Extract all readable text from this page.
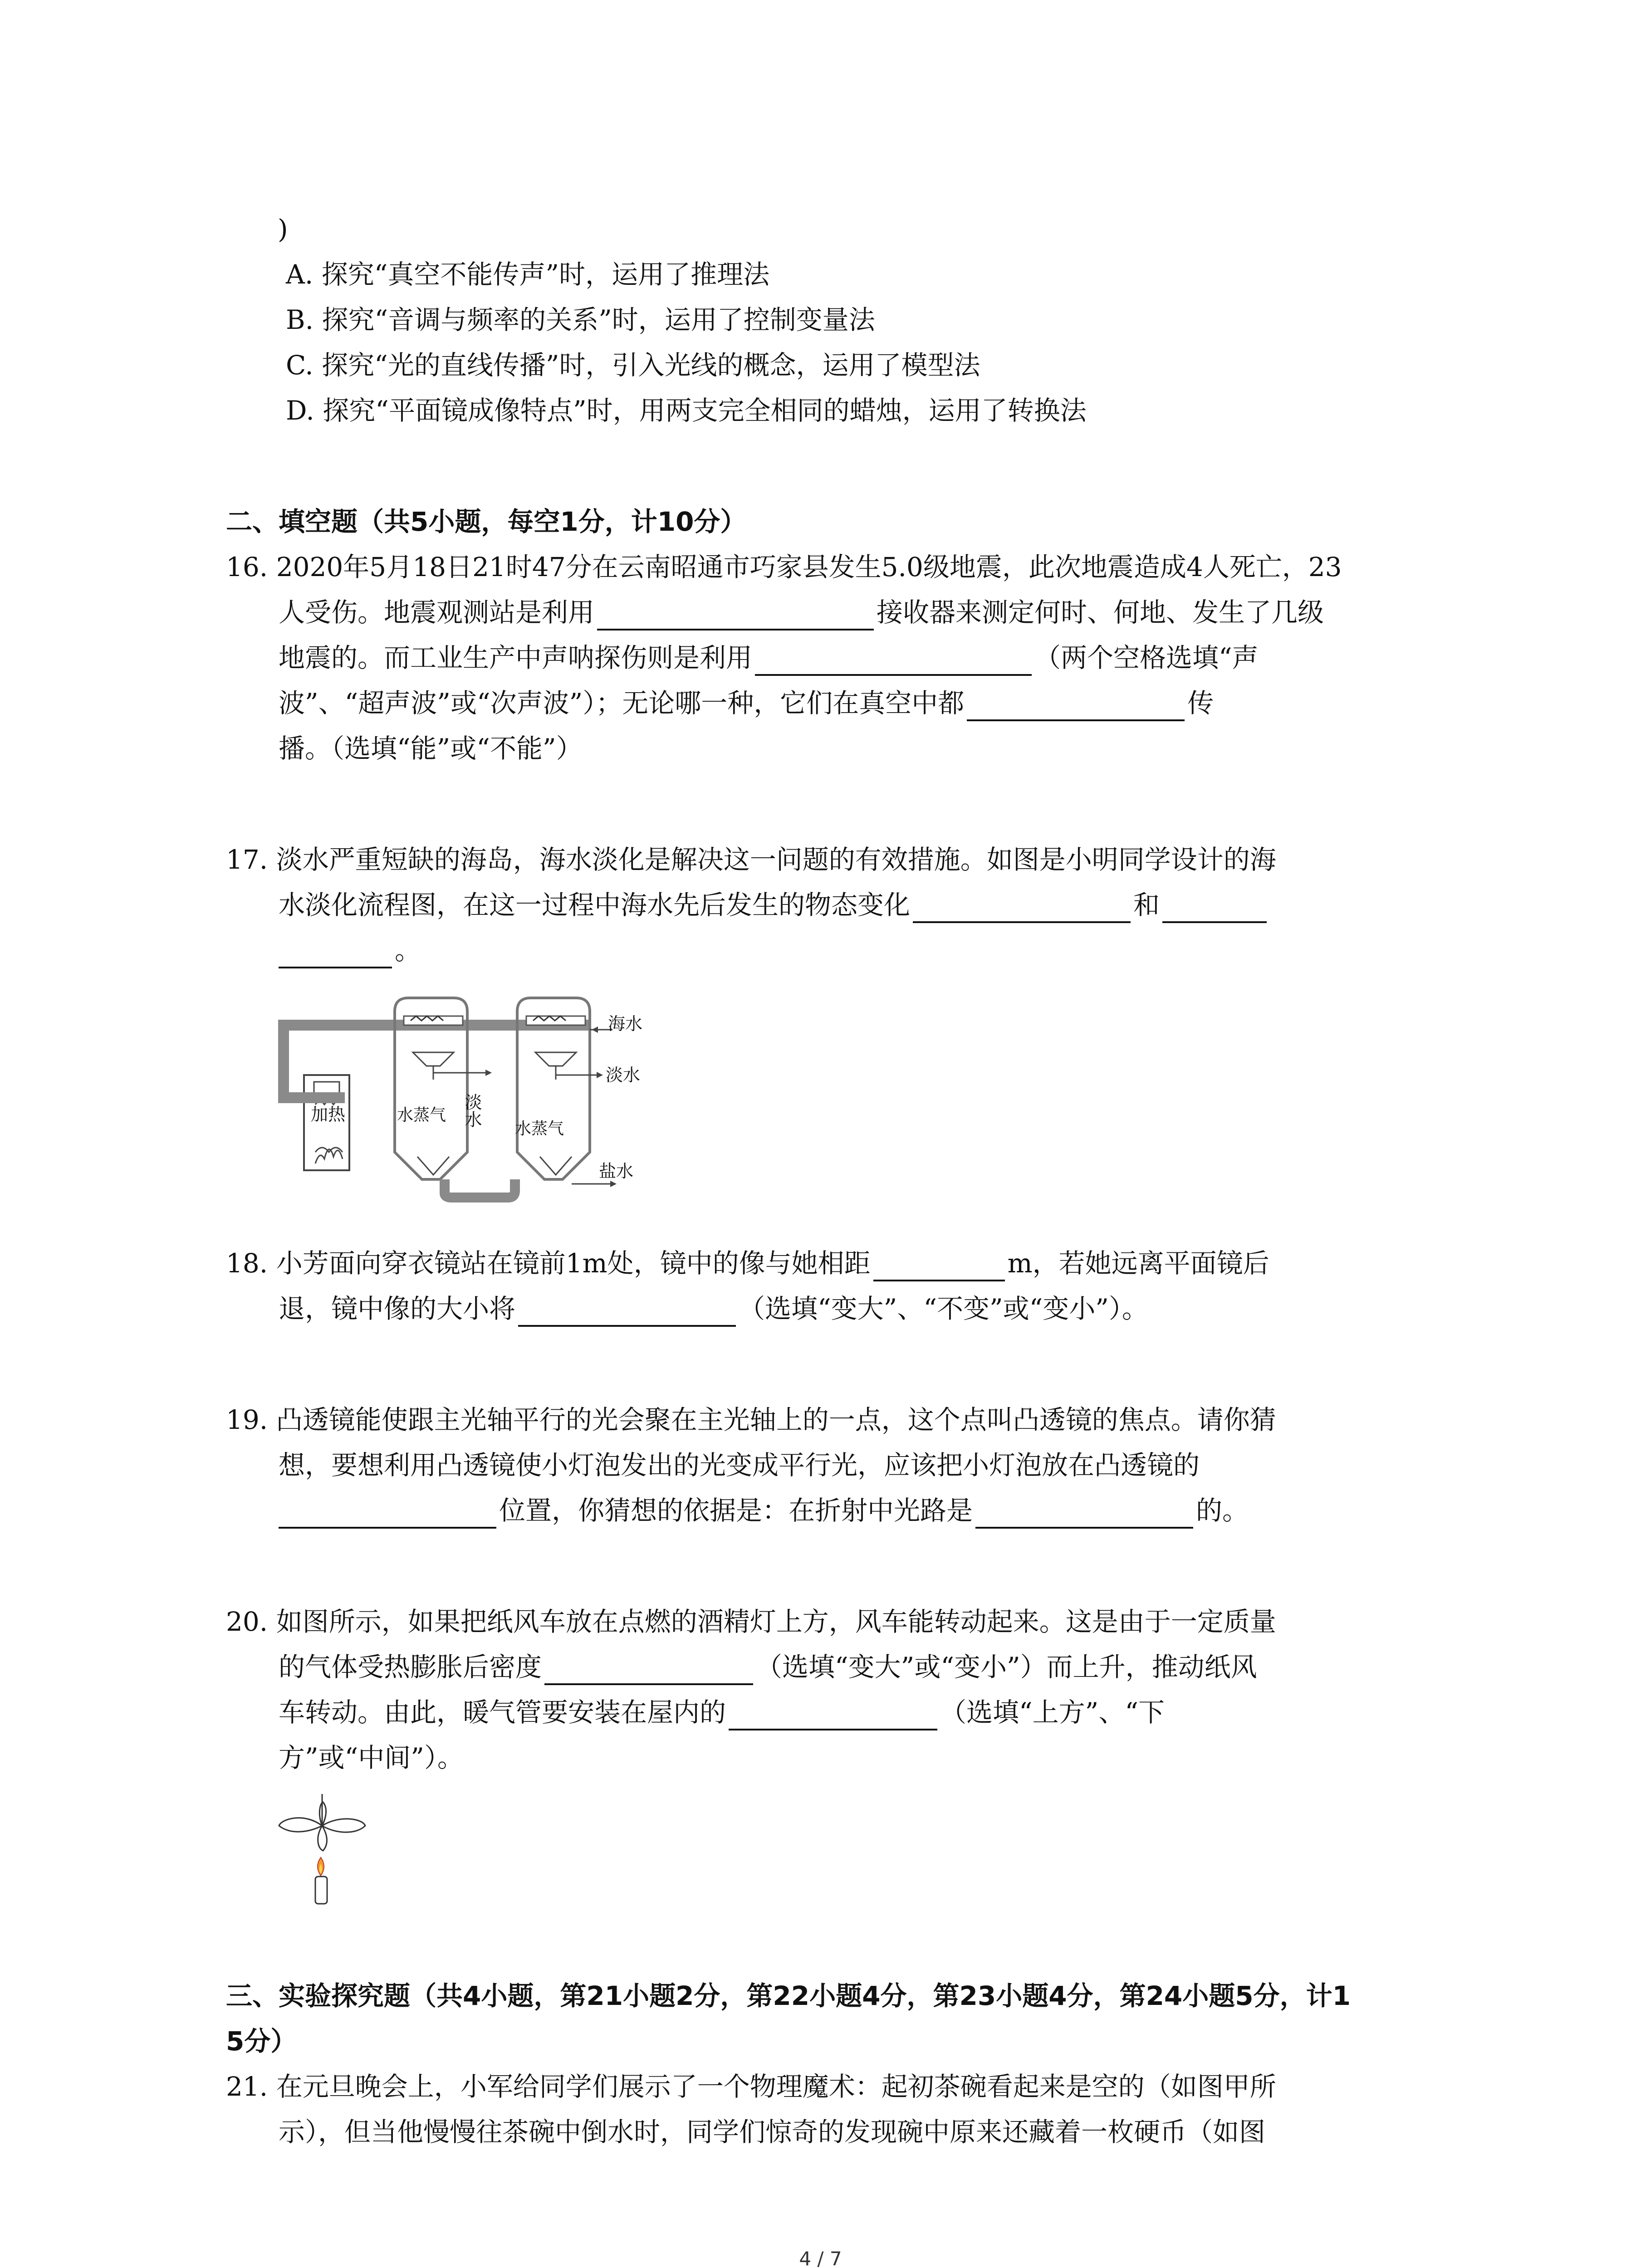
)
A. 探究“真空不能传声”时，运用了推理法
B. 探究“音调与频率的关系”时，运用了控制变量法
C. 探究“光的直线传播”时，引入光线的概念，运用了模型法
D. 探究“平面镜成像特点”时，用两支完全相同的蜡烛，运用了转换法
二、填空题（共5小题，每空1分，计10分）
16. 2020年5月18日21时47分在云南昭通市巧家县发生5.0级地震，此次地震造成4人死亡，23
人受伤。地震观测站是利用	接收器来测定何时、何地、发生了几级
地震的。而工业生产中声呐探伤则是利用	（两个空格选填“声
波”、“超声波”或“次声波”）；无论哪一种，它们在真空中都	传
播。（选填“能”或“不能”）
17. 淡水严重短缺的海岛，海水淡化是解决这一问题的有效措施。如图是小明同学设计的海
水淡化流程图，在这一过程中海水先后发生的物态变化	和
。
海水
淡水
淡水
加热	水蒸气
水蒸气
盐水
18. 小芳面向穿衣镜站在镜前1m处，镜中的像与她相距	m，若她远离平面镜后
退，镜中像的大小将	（选填“变大”、“不变”或“变小”）。
19. 凸透镜能使跟主光轴平行的光会聚在主光轴上的一点，这个点叫凸透镜的焦点。请你猜
想，要想利用凸透镜使小灯泡发出的光变成平行光，应该把小灯泡放在凸透镜的
位置，你猜想的依据是：在折射中光路是	的。
20. 如图所示，如果把纸风车放在点燃的酒精灯上方，风车能转动起来。这是由于一定质量
的气体受热膨胀后密度	（选填“变大”或“变小”）而上升，推动纸风
车转动。由此，暖气管要安装在屋内的	（选填“上方”、“下
方”或“中间”）。
三、实验探究题（共4小题，第21小题2分，第22小题4分，第23小题4分，第24小题5分，计1
5分）
21. 在元旦晚会上，小军给同学们展示了一个物理魔术：起初茶碗看起来是空的（如图甲所
示），但当他慢慢往茶碗中倒水时，同学们惊奇的发现碗中原来还藏着一枚硬币（如图
4 / 7
